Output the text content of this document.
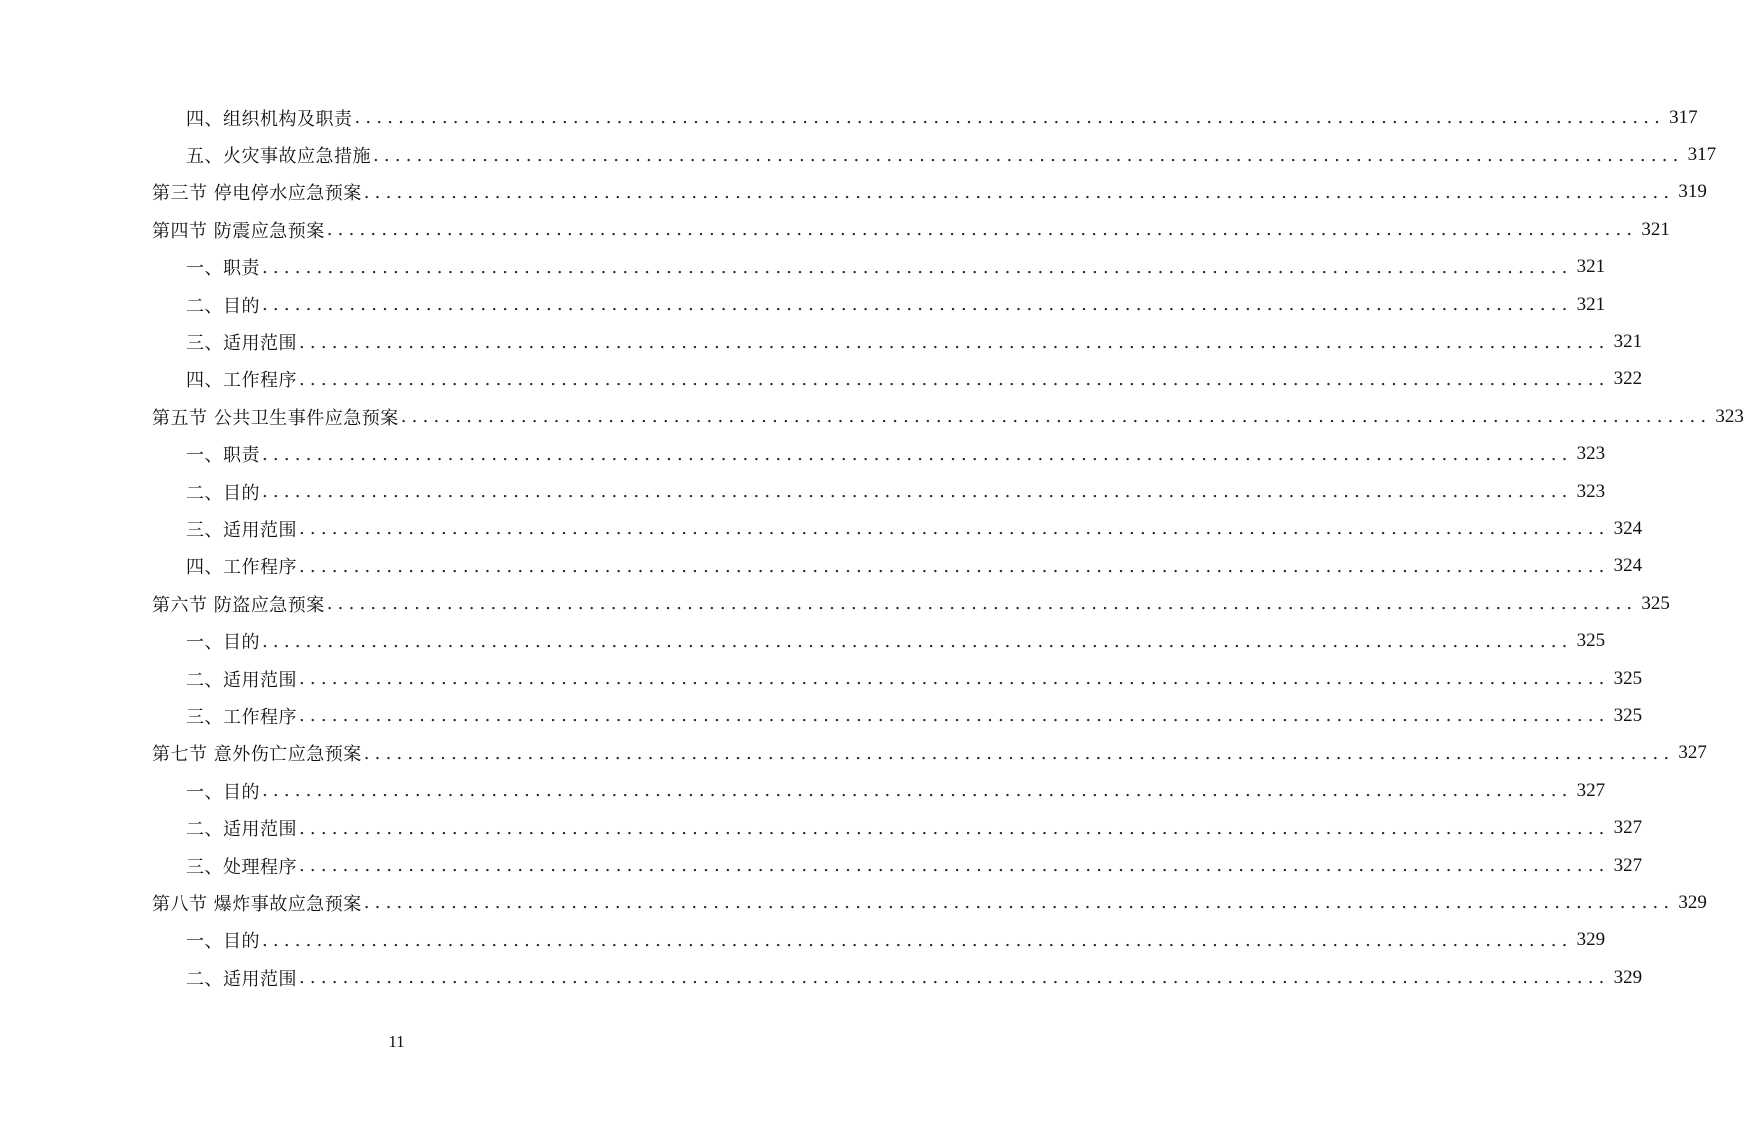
四、组织机构及职责 ........................................................................................................................ 317
五、火灾事故应急措施 ........................................................................................................................ 317
第三节 停电停水应急预案 ........................................................................................................................ 319
第四节 防震应急预案 ........................................................................................................................ 321
一、职责 ........................................................................................................................ 321
二、目的 ........................................................................................................................ 321
三、适用范围 ........................................................................................................................ 321
四、工作程序 ........................................................................................................................ 322
第五节 公共卫生事件应急预案 ........................................................................................................................ 323
一、职责 ........................................................................................................................ 323
二、目的 ........................................................................................................................ 323
三、适用范围 ........................................................................................................................ 324
四、工作程序 ........................................................................................................................ 324
第六节 防盗应急预案 ........................................................................................................................ 325
一、目的 ........................................................................................................................ 325
二、适用范围 ........................................................................................................................ 325
三、工作程序 ........................................................................................................................ 325
第七节 意外伤亡应急预案 ........................................................................................................................ 327
一、目的 ........................................................................................................................ 327
二、适用范围 ........................................................................................................................ 327
三、处理程序 ........................................................................................................................ 327
第八节 爆炸事故应急预案 ........................................................................................................................ 329
一、目的 ........................................................................................................................ 329
二、适用范围 ........................................................................................................................ 329
11
